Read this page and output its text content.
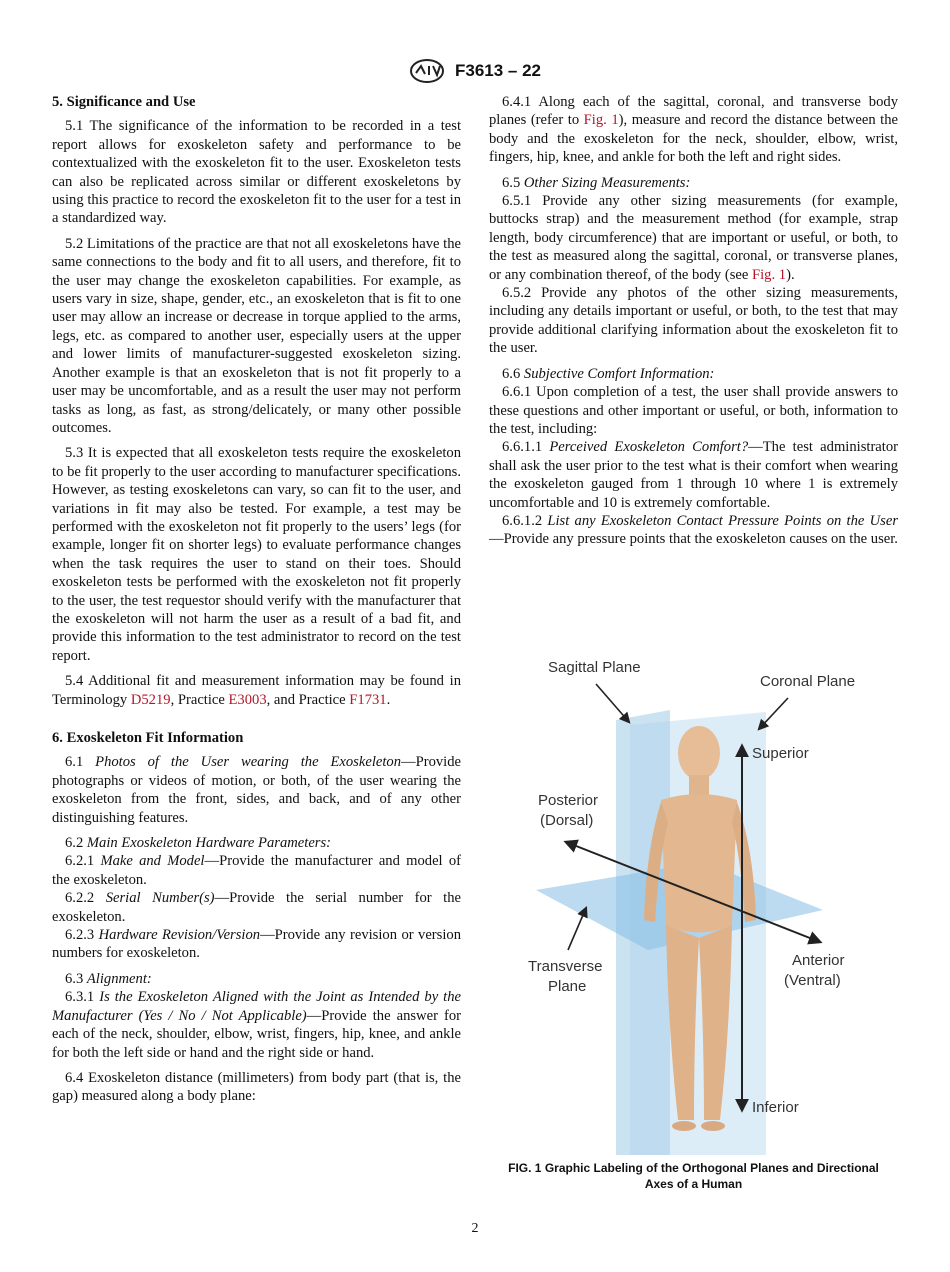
F3613 – 22
5. Significance and Use

5.1 The significance of the information to be recorded in a test report allows for exoskeleton safety and performance to be contextualized with the exoskeleton fit to the user. Exoskeleton tests can also be replicated across similar or different exoskeletons by using this practice to record the exoskeleton fit to the user for a test in a standardized way.

5.2 Limitations of the practice are that not all exoskeletons have the same connections to the body and fit to all users, and therefore, fit to the user may change the exoskeleton capabilities. For example, as users vary in size, shape, gender, etc., an exoskeleton that is fit to one user may allow an increase or decrease in torque applied to the arms, legs, etc. as compared to another user, especially users at the upper and lower limits of manufacturer-suggested exoskeleton sizing. Another example is that an exoskeleton that is not fit properly to a user may be uncomfortable, and as a result the user may not perform tasks as long, as fast, as strong/delicately, or many other possible outcomes.

5.3 It is expected that all exoskeleton tests require the exoskeleton to be fit properly to the user according to manufacturer specifications. However, as testing exoskeletons can vary, so can fit to the user, and variations in fit may also be tested. For example, a test may be performed with the exoskeleton not fit properly to the users’ legs (for example, longer fit on shorter legs) to evaluate performance changes when the task requires the user to stand on their toes. Should exoskeleton tests be performed with the exoskeleton not fit properly to the user, the test requestor should verify with the manufacturer that the exoskeleton will not harm the user as a result of a bad fit, and provide this information to the test administrator to record on the test report.

5.4 Additional fit and measurement information may be found in Terminology D5219, Practice E3003, and Practice F1731.

6. Exoskeleton Fit Information

6.1 Photos of the User wearing the Exoskeleton—Provide photographs or videos of motion, or both, of the user wearing the exoskeleton from the front, sides, and back, and of any other distinguishing features.

6.2 Main Exoskeleton Hardware Parameters:

6.2.1 Make and Model—Provide the manufacturer and model of the exoskeleton.

6.2.2 Serial Number(s)—Provide the serial number for the exoskeleton.

6.2.3 Hardware Revision/Version—Provide any revision or version numbers for exoskeleton.

6.3 Alignment:

6.3.1 Is the Exoskeleton Aligned with the Joint as Intended by the Manufacturer (Yes / No / Not Applicable)—Provide the answer for each of the neck, shoulder, elbow, wrist, fingers, hip, knee, and ankle for both the left side or hand and the right side or hand.

6.4 Exoskeleton distance (millimeters) from body part (that is, the gap) measured along a body plane:

6.4.1 Along each of the sagittal, coronal, and transverse body planes (refer to Fig. 1), measure and record the distance between the body and the exoskeleton for the neck, shoulder, elbow, wrist, fingers, hip, knee, and ankle for both the left and right sides.

6.5 Other Sizing Measurements:

6.5.1 Provide any other sizing measurements (for example, buttocks strap) and the measurement method (for example, strap length, body circumference) that are important or useful, or both, to the test as measured along the sagittal, coronal, or transverse planes, or any combination thereof, of the body (see Fig. 1).

6.5.2 Provide any photos of the other sizing measurements, including any details important or useful, or both, to the test that may provide additional clarifying information about the exoskeleton fit to the user.

6.6 Subjective Comfort Information:

6.6.1 Upon completion of a test, the user shall provide answers to these questions and other important or useful, or both, information to the test, including:

6.6.1.1 Perceived Exoskeleton Comfort?—The test administrator shall ask the user prior to the test what is their comfort when wearing the exoskeleton gauged from 1 through 10 where 1 is extremely uncomfortable and 10 is extremely comfortable.

6.6.1.2 List any Exoskeleton Contact Pressure Points on the User—Provide any pressure points that the exoskeleton causes on the user.

Sagittal Plane
Coronal Plane
Superior
Posterior
(Dorsal)
Anterior
(Ventral)
Transverse
Plane
Inferior
FIG. 1 Graphic Labeling of the Orthogonal Planes and Directional
Axes of a Human
2
